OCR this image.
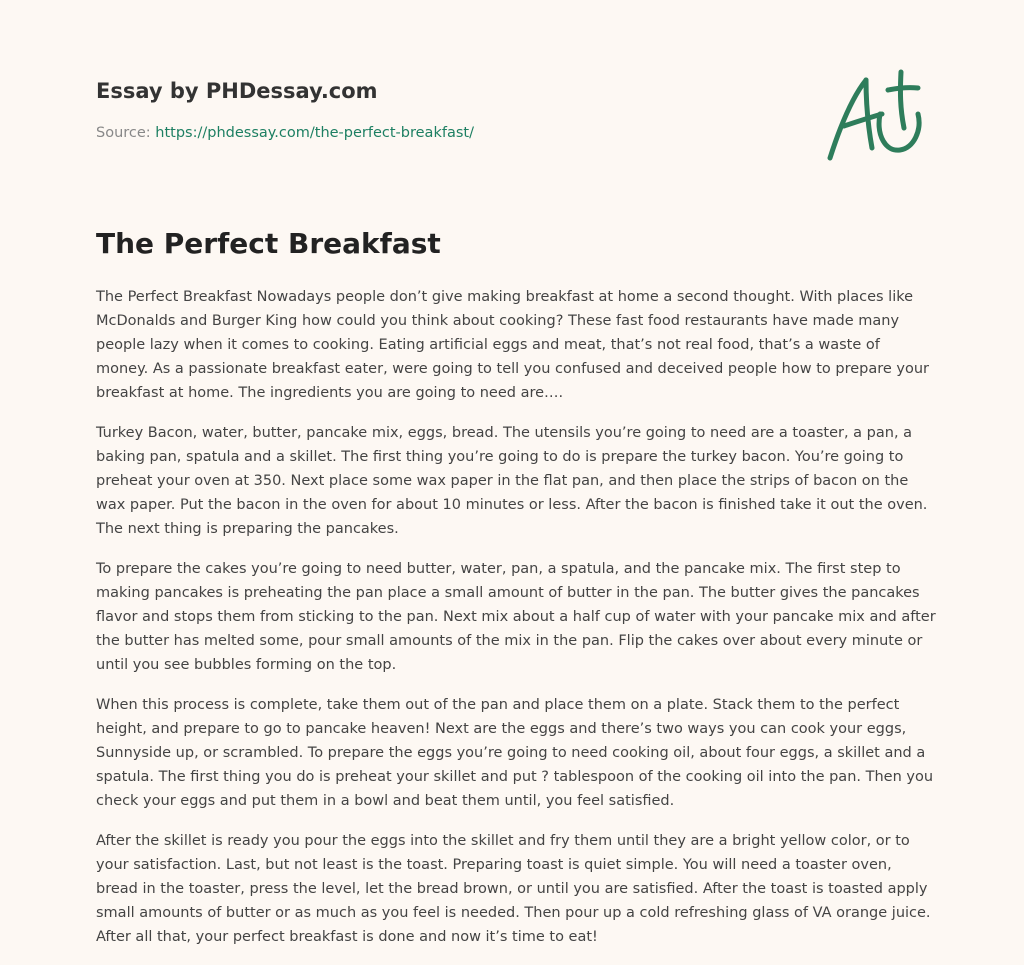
Essay by PHDessay.com
Source: https://phdessay.com/the-perfect-breakfast/
The Perfect Breakfast

The Perfect Breakfast Nowadays people don’t give making breakfast at home a second thought. With places like McDonalds and Burger King how could you think about cooking? These fast food restaurants have made many people lazy when it comes to cooking. Eating artificial eggs and meat, that’s not real food, that’s a waste of money. As a passionate breakfast eater, were going to tell you confused and deceived people how to prepare your breakfast at home. The ingredients you are going to need are….

Turkey Bacon, water, butter, pancake mix, eggs, bread. The utensils you’re going to need are a toaster, a pan, a baking pan, spatula and a skillet. The first thing you’re going to do is prepare the turkey bacon. You’re going to preheat your oven at 350. Next place some wax paper in the flat pan, and then place the strips of bacon on the wax paper. Put the bacon in the oven for about 10 minutes or less. After the bacon is finished take it out the oven. The next thing is preparing the pancakes.

To prepare the cakes you’re going to need butter, water, pan, a spatula, and the pancake mix. The first step to making pancakes is preheating the pan place a small amount of butter in the pan. The butter gives the pancakes flavor and stops them from sticking to the pan. Next mix about a half cup of water with your pancake mix and after the butter has melted some, pour small amounts of the mix in the pan. Flip the cakes over about every minute or until you see bubbles forming on the top.

When this process is complete, take them out of the pan and place them on a plate. Stack them to the perfect height, and prepare to go to pancake heaven! Next are the eggs and there’s two ways you can cook your eggs, Sunnyside up, or scrambled. To prepare the eggs you’re going to need cooking oil, about four eggs, a skillet and a spatula. The first thing you do is preheat your skillet and put ? tablespoon of the cooking oil into the pan. Then you check your eggs and put them in a bowl and beat them until, you feel satisfied.

After the skillet is ready you pour the eggs into the skillet and fry them until they are a bright yellow color, or to your satisfaction. Last, but not least is the toast. Preparing toast is quiet simple. You will need a toaster oven, bread in the toaster, press the level, let the bread brown, or until you are satisfied. After the toast is toasted apply small amounts of butter or as much as you feel is needed. Then pour up a cold refreshing glass of VA orange juice. After all that, your perfect breakfast is done and now it’s time to eat!
